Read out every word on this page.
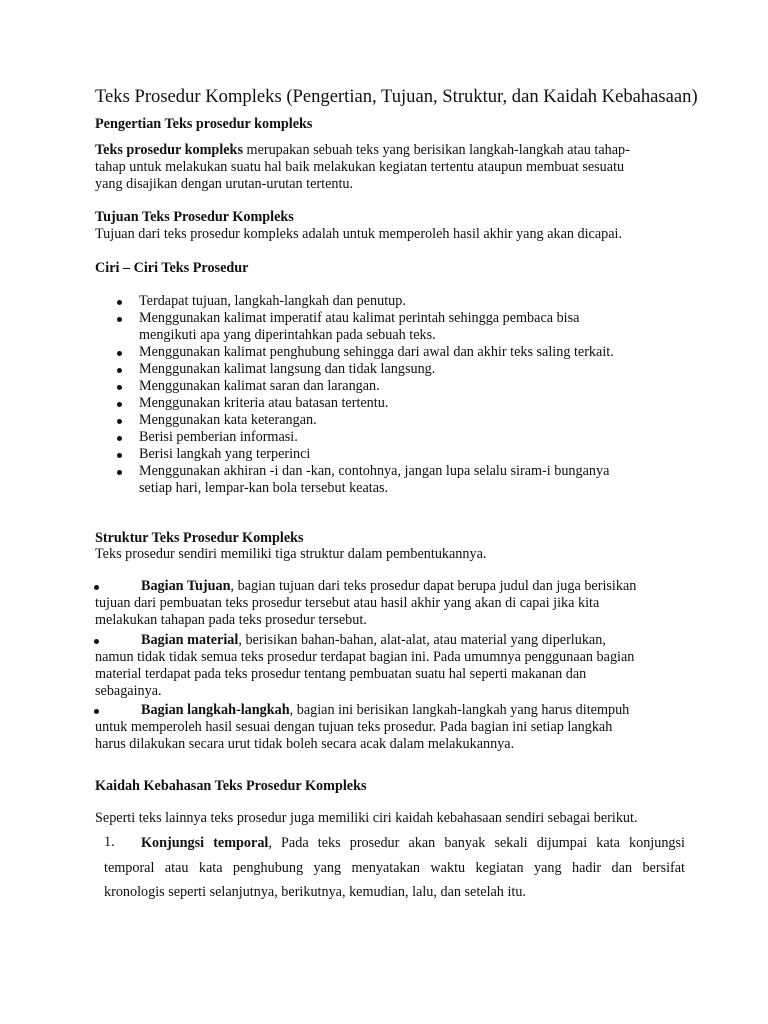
Teks Prosedur Kompleks (Pengertian, Tujuan, Struktur, dan Kaidah Kebahasaan)

Pengertian Teks prosedur kompleks

Teks prosedur kompleks merupakan sebuah teks yang berisikan langkah-langkah atau tahap-

tahap untuk melakukan suatu hal baik melakukan kegiatan tertentu ataupun membuat sesuatu

yang disajikan dengan urutan-urutan tertentu.

Tujuan Teks Prosedur Kompleks

Tujuan dari teks prosedur kompleks adalah untuk memperoleh hasil akhir yang akan dicapai.

Ciri – Ciri Teks Prosedur

Terdapat tujuan, langkah-langkah dan penutup.

Menggunakan kalimat imperatif atau kalimat perintah sehingga pembaca bisa

mengikuti apa yang diperintahkan pada sebuah teks.

Menggunakan kalimat penghubung sehingga dari awal dan akhir teks saling terkait.

Menggunakan kalimat langsung dan tidak langsung.

Menggunakan kalimat saran dan larangan.

Menggunakan kriteria atau batasan tertentu.

Menggunakan kata keterangan.

Berisi pemberian informasi.

Berisi langkah yang terperinci

Menggunakan akhiran -i dan -kan, contohnya, jangan lupa selalu siram-i bunganya

setiap hari, lempar-kan bola tersebut keatas.

Struktur Teks Prosedur Kompleks

Teks prosedur sendiri memiliki tiga struktur dalam pembentukannya.

Bagian Tujuan, bagian tujuan dari teks prosedur dapat berupa judul dan juga berisikan

tujuan dari pembuatan teks prosedur tersebut atau hasil akhir yang akan di capai jika kita

melakukan tahapan pada teks prosedur tersebut.

Bagian material, berisikan bahan-bahan, alat-alat, atau material yang diperlukan,

namun tidak tidak semua teks prosedur terdapat bagian ini. Pada umumnya penggunaan bagian

material terdapat pada teks prosedur tentang pembuatan suatu hal seperti makanan dan

sebagainya.

Bagian langkah-langkah, bagian ini berisikan langkah-langkah yang harus ditempuh

untuk memperoleh hasil sesuai dengan tujuan teks prosedur. Pada bagian ini setiap langkah

harus dilakukan secara urut tidak boleh secara acak dalam melakukannya.

Kaidah Kebahasan Teks Prosedur Kompleks

Seperti teks lainnya teks prosedur juga memiliki ciri kaidah kebahasaan sendiri sebagai berikut.

1. Konjungsi temporal, Pada teks prosedur akan banyak sekali dijumpai kata konjungsi

temporal atau kata penghubung yang menyatakan waktu kegiatan yang hadir dan bersifat

kronologis seperti selanjutnya, berikutnya, kemudian, lalu, dan setelah itu.
